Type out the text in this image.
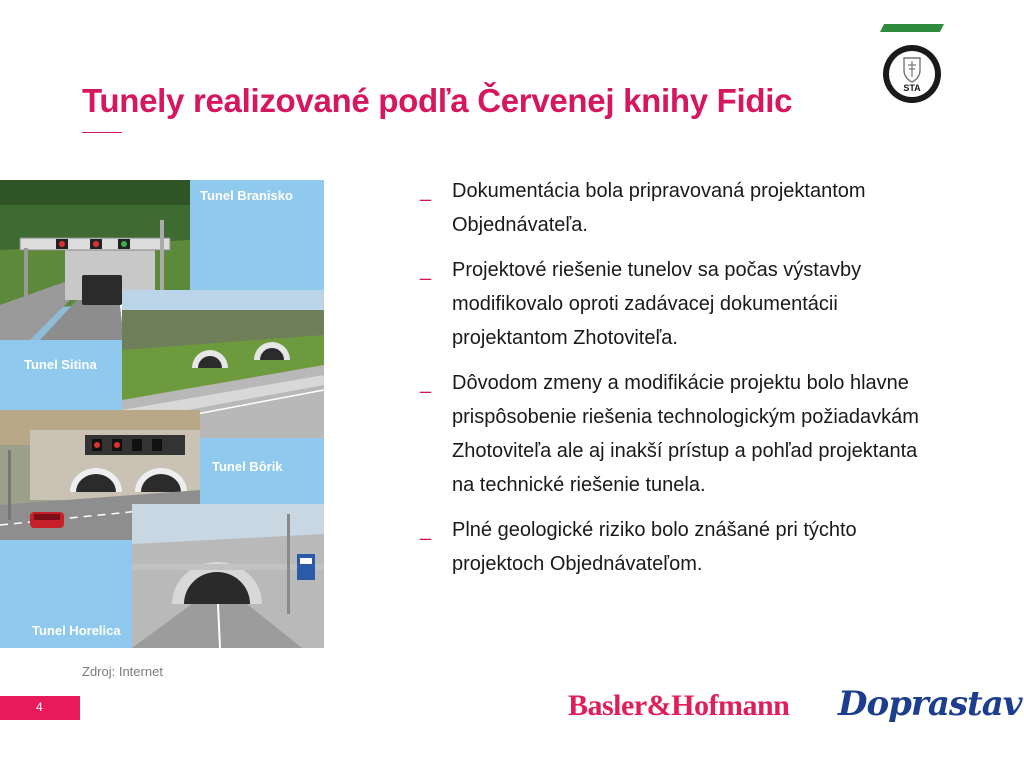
Tunely realizované podľa Červenej knihy Fidic	STA
Tunel Branisko
Tunel Sitina
Tunel Bôrik
Tunel Horelica
_ Dokumentácia bola pripravovaná projektantom Objednávateľa.
_ Projektové riešenie tunelov sa počas výstavby modifikovalo oproti zadávacej dokumentácii projektantom Zhotoviteľa.
_ Dôvodom zmeny a modifikácie projektu bolo hlavne prispôsobenie riešenia technologickým požiadavkám Zhotoviteľa ale aj inakší prístup a pohľad projektanta na technické riešenie tunela.
_ Plné geologické riziko bolo znášané pri týchto projektoch Objednávateľom.
Zdroj: Internet
4	Basler&Hofmann Doprastav
